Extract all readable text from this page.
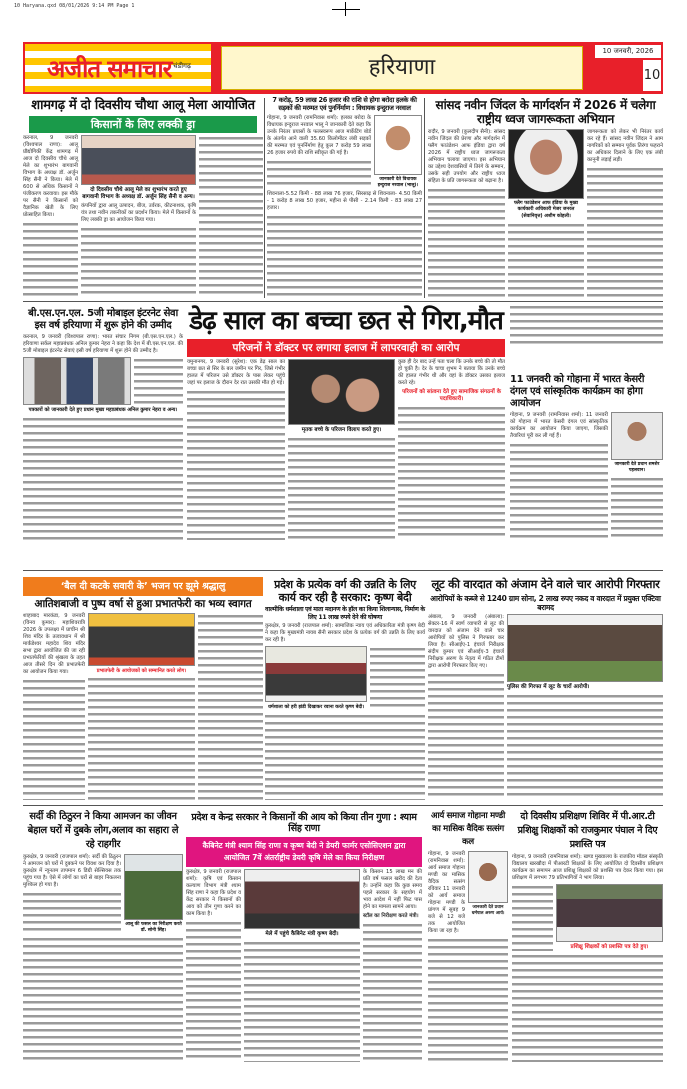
10 Haryana.qxd 08/01/2026 9:14 PM Page 1
अजीत समाचार चंडीगढ़	हरियाणा
10 जनवरी, 2026
10
शामगढ़ में दो दिवसीय चौथा आलू मेला आयोजित
किसानों के लिए लक्की ड्रा

करनाल, 9 जनवरी (विश्वपाल राणा): आलू प्रौद्योगिकी केंद्र शामगढ़ में आज दो दिवसीय चौथे आलू मेले का शुभारंभ बागवानी विभाग के अध्यक्ष डॉ. अर्जुन सिंह सैनी ने किया। मेले में 600 से अधिक किसानों ने पंजीकरण करवाया। इस मौके पर सैनी ने किसानों को वैज्ञानिक खेती के लिए प्रोत्साहित किया।

दो दिवसीय चौथे आलू मेले का शुभारंभ करते हुए बागवानी विभाग के अध्यक्ष डॉ. अर्जुन सिंह सैनी व अन्य।

कंपनियों द्वारा आलू उत्पादन, बीज, उर्वरक, कीटनाशक, कृषि यंत्र तथा नवीन तकनीकों का प्रदर्शन किया। मेले में किसानों के लिए लक्की ड्रा का आयोजन किया गया।

7 करोड़, 59 लाख 26 हजार की राशि से होगा बरोदा हलके की सड़कों की मरम्मत एवं पुनर्निर्माण : विधायक इन्दुराज नरवाल

गोहाना, 9 जनवरी (रामनिवास शर्मा): हलका बरोदा के विधायक इन्दुराज नरवाल भालू ने जानकारी देते कहा कि उनके निरंतर प्रयासों के फलस्वरूप आज मार्केटिंग बोर्ड के अंतर्गत आने वाली 35.60 किलोमीटर लंबी सड़कों की मरम्मत एवं पुनर्निर्माण हेतु कुल 7 करोड़ 59 लाख 26 हजार रुपये की राशि स्वीकृत की गई है।

जानकारी देते विधायक इन्दुराज नरवाल (भालू)।

शिवनाला-5.52 किमी - 88 लाख 76 हजार, सिरसाढ़ से शिवनाला- 4.50 किमी - 1 करोड़ 8 लाख 50 हजार, महीना से पीसी - 2.14 किमी - 83 लाख 27 हजार।

सांसद नवीन जिंदल के मार्गदर्शन में 2026 में चलेगा राष्ट्रीय ध्वज जागरूकता अभियान

रादौर, 9 जनवरी (कुलदीप सैनी): सांसद नवीन जिंदल की प्रेरणा और मार्गदर्शन में फ्लैग फाउंडेशन आफ इंडिया द्वारा वर्ष 2026 में राष्ट्रीय ध्वज जागरूकता अभियान चलाया जाएगा। इस अभियान का उद्देश्य देशवासियों में तिरंगे के सम्मान, उसके सही उपयोग और राष्ट्रीय ध्वज संहिता के प्रति जागरूकता को बढ़ाना है।

फ्लैग फाउंडेशन आफ इंडिया के मुख्य कार्यकारी अधिकारी मेजर जनरल (सेवानिवृत्त) अशीम कोहली।

जागरूकता को लेकर भी निरंतर कार्य कर रहे हैं। सांसद नवीन जिंदल ने आम नागरिकों को सम्मान पूर्वक तिरंगा फहराने का अधिकार दिलाने के लिए एक लंबी कानूनी लड़ाई लड़ी।

बी.एस.एन.एल. 5जी मोबाइल इंटरनेट सेवा इस वर्ष हरियाणा में शुरू होने की उम्मीद

करनाल, 9 जनवरी (विश्वपाल राणा): भारत संचार निगम (बी.एस.एन.एल.) के हरियाणा सर्कल महाप्रबंधक अनिल कुमार नेहरा ने कहा कि देश में बी.एस.एन.एल. की 5जी मोबाइल इंटरनेट सेवाएं इसी वर्ष हरियाणा में शुरू होने की उम्मीद है।

पत्रकारों को जानकारी देते हुए प्रधान मुख्य महाप्रबंधक अनिल कुमार नेहरा व अन्य।
डेढ़ साल का बच्चा छत से गिरा,मौत
परिजनों ने डॉक्टर पर लगाया इलाज में लापरवाही का आरोप

यमुनानगर, 9 जनवरी (सुरेश): एक डेढ़ साल का बच्चा छत से सिर के बल जमीन पर गिर, जिसे गंभीर हालत में परिजन उसे डॉक्टर के पास लेकर पहुंचे जहां पर इलाज के दौरान देर रात उसकी मौत हो गई।

मृतक बच्चे के परिजन विलाप करते हुए।

कुछ ही देर बाद उन्हें पता चला कि उनके बच्चे की तो मौत हो चुकी है। देर के चाचा शुभम ने बताया कि उनके बच्चे की हालत गंभीर थी और वहां के डॉक्टर उसका इलाज करते रहे।

परिजनों को सांत्वना देते हुए सामाजिक संगठनों के पदाधिकारी।
11 जनवरी को गोहाना में भारत केसरी दंगल एवं सांस्कृतिक कार्यक्रम का होगा आयोजन

गोहाना, 9 जनवरी (रामनिवास शर्मा): 11 जनवरी को गोहाना में भारत केसरी दंगल एवं सांस्कृतिक कार्यक्रम का आयोजन किया जाएगा, जिसकी तैयारियां पूरी कर ली गई हैं।

जानकारी देते प्रधान शमशेर पहलवान।
‘बैल दी कटके सवारी के’ भजन पर झूमे श्रद्धालु
आतिशबाजी व पुष्प वर्षा से हुआ प्रभातफेरी का भव्य स्वागत

शाहाबाद मारकंडा, 9 जनवरी (विनय कुमार): महाशिवरात्रि 2026 के उपलक्ष्य में प्राचीन श्री शिव मंदिर के तत्वावधान में श्री मार्कंडेश्वर महादेव शिव मंदिर सभा द्वारा आयोजित की जा रही प्रभातफेरियों की श्रृंखला के तहत आज तीसरे दिन की प्रभातफेरी का आयोजन किया गया।	प्रभातफेरी के आयोजकों को सम्मानित करते लोग।
प्रदेश के प्रत्येक वर्ग की उन्नति के लिए कार्य कर रही है सरकार: कृष्ण बेदी
वाल्मीकि धर्मशाला एवं माता मदानण के हॉल का किया शिलान्यास, निर्माण के लिए 11 लाख रुपये देने की घोषणा

कुरुक्षेत्र, 9 जनवरी (राजपाल शर्मा): सामाजिक न्याय एवं अधिकारिता मंत्री कृष्ण बेदी ने कहा कि मुख्यमंत्री नायब सैनी सरकार प्रदेश के प्रत्येक वर्ग की उन्नति के लिए कार्य कर रही है।

धर्मशाला को हरी झंडी दिखाकर रवाना करते कृष्ण बेदी।
लूट की वारदात को अंजाम देने वाले चार आरोपी गिरफ्तार
आरोपियों के कब्जे से 1240 ग्राम सोना, 2 लाख रुपए नकद व वारदात में प्रयुक्त एक्टिवा बरामद

अंबाला, 9 जनवरी (अंबाला): सेक्टर-16 में स्वर्ण व्यापारी से लूट की वारदात को अंजाम देने वाले चार आरोपियों को पुलिस ने गिरफ्तार कर लिया है। सीआईए-1 इंचार्ज निरीक्षक संदीप कुमार एवं सीआईए-3 इंचार्ज निरीक्षक अरुण के नेतृत्व में गठित टीमों द्वारा आरोपी गिरफ्तार किए गए।

पुलिस की गिरफ्त में लूट के चारों आरोपी।
सर्दी की ठिठुरन ने किया आमजन का जीवन बेहाल घरों में दुबके लोग,अलाव का सहारा ले रहे राहगीर

कुरुक्षेत्र, 9 जनवरी (राजपाल शर्मा): सर्दी की ठिठुरन ने आमजन को घरों में दुबकने पर विवश कर दिया है। कुरुक्षेत्र में न्यूनतम तापमान 6 डिग्री सेल्सियस तक पहुंच गया है। ऐसे में लोगों का घरों से बाहर निकलना मुश्किल हो गया है।

आलू की फसल का निरीक्षण करते डॉ. सोनी सिंह।
प्रदेश व केन्द्र सरकार ने किसानों की आय को किया तीन गुणा : श्याम सिंह राणा
कैबिनेट मंत्री श्याम सिंह राणा व कृष्ण बेदी ने डेयरी फार्मर एसोसिएशन द्वारा आयोजित 7वें अंतर्राष्ट्रीय डेयरी कृषि मेले का किया निरीक्षण

कुरुक्षेत्र, 9 जनवरी (राजपाल शर्मा): कृषि एवं किसान कल्याण विभाग मंत्री श्याम सिंह राणा ने कहा कि प्रदेश व केंद्र सरकार ने किसानों की आय को तीन गुणा करने का काम किया है।

मेले में पहुंचे कैबिनेट मंत्री कृष्ण बेदी।

के किसान 15 लाख मन की प्रति वर्ष फसल खरीद की देता है। उन्होंने कहा कि कुछ समय पहले सरकार के सहयोग में भाव आदेश में नहीं फिट पास होने का मामला सामने आया।

स्टॉल का निरीक्षण करते मंत्री।

आर्य समाज गोहाना मण्डी का मासिक वैदिक सत्संग कल

गोहाना, 9 जनवरी (रामनिवास शर्मा): आर्य समाज गोहाना मण्डी का मासिक वैदिक सत्संग रविवार 11 जनवरी को आर्य समाज गोहाना मण्डी के प्रांगण में सुबह 9 बजे से 12 बजे तक आयोजित किया जा रहा है।

जानकारी देते प्रधान धर्मपाल अरुण आर्य।
दो दिवसीय प्रशिक्षण शिविर में पी.आर.टी प्रशिक्षु शिक्षकों को राजकुमार पंघाल ने दिए प्रशस्ति पत्र

गोहाना, 9 जनवरी (रामनिवास शर्मा): खण्ड मुख्यालय के राजकीय मॉडल संस्कृति विद्यालय खरखौदा में पीआरटी शिक्षकों के लिए आयोजित दो दिवसीय प्रशिक्षण कार्यक्रम का समापन आज प्रशिक्षु शिक्षकों को प्रशस्ति पत्र देकर किया गया। इस प्रशिक्षण में लगभग 79 प्रतिभागियों ने भाग लिया।

प्रशिक्षु शिक्षकों को प्रशस्ति पत्र देते हुए।
